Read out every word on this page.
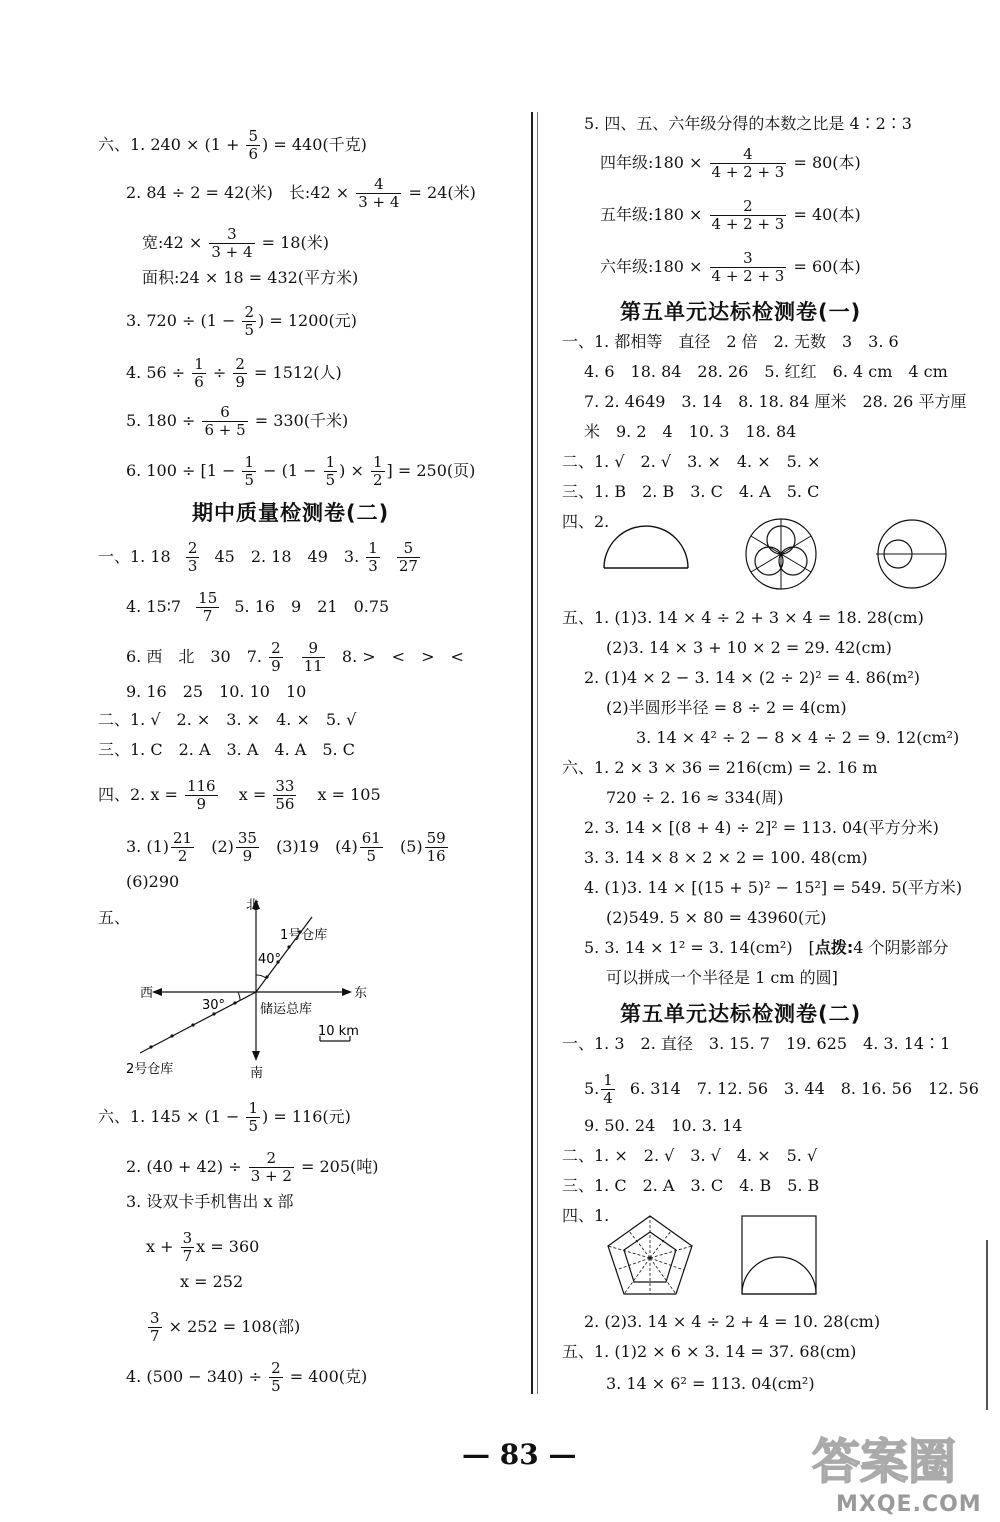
六、1. $240 \times (1 + \frac{5}{6}$ ) = 440(千克)
2. 84 ÷ 2 = 42(米)　长:42 × $\frac{4}{3 + 4} = 24$(米)
宽:42 × $\frac{3}{3 + 4} = 18$(米)
面积:24 × 18 = 432(平方米)
3. $720 \div (1 - \frac{2}{5}$ ) = 1200(元)
4. $56 \div \frac{1}{6} \div \frac{2}{9} = 1512$(人)
5. $180 \div \frac{6}{6 + 5} = 330$(千米)
6. $100 \div [1 - \frac{1}{5} - (1 - \frac{1}{5}$ ) × $\frac{1}{2}$ ] = 250(页)
期中质量检测卷(二)
一、1. $18 \frac{2}{3} 45$　2. 18　49　3. $\frac{1}{3}$
$\frac{5}{27}$
4. 15∶7 $\frac{15}{7} 5$. 16　9　21　0.75
6. 西　北　30　7. $\frac{2}{9}$
$\frac{9}{11} 8$. >　<　>　<
9. 16　25　10. 10　10
二、1. √　2. ×　3. ×　4. ×　5. √
三、1. C　2. A　3. A　4. A　5. C
四、2. $x = \frac{116}{9}$ $x = \frac{33}{56}$ x = 105
3. $(1) \frac{21}{2} (2) \frac{35}{9} (3)19$　$(4) \frac{61}{5} (5) \frac{59}{16}$
(6)290
五、
北
南
东
西
1号仓库
2号仓库
储运总库
40°
30°
10 km
六、1. $145 \times (1 - \frac{1}{5}$ ) = 116(元)
2. $(40 + 42) \div \frac{2}{3 + 2} = 205$(吨)
3. 设双卡手机售出 x 部
$x + \frac{3}{7}$ x = 360
x = 252
$\frac{3}{7} \times 252 = 108$(部)
4. $(500 - 340) \div \frac{2}{5} = 400$(克)
5. 四、五、六年级分得的本数之比是 4∶2∶3
四年级:180 × $\frac{4}{4 + 2 + 3} = 80$(本)
五年级:180 × $\frac{2}{4 + 2 + 3} = 40$(本)
六年级:180 × $\frac{3}{4 + 2 + 3} = 60$(本)
第五单元达标检测卷(一)
一、1. 都相等　直径　2 倍　2. 无数　3　3. 6
4. 6　18. 84　28. 26　5. 红红　6. 4 cm　4 cm
7. 2. 4649　3. 14　8. 18. 84 厘米　28. 26 平方厘
米　9. 2　4　10. 3　18. 84
二、1. √　2. √　3. ×　4. ×　5. ×
三、1. B　2. B　3. C　4. A　5. C
四、2.
五、1. (1)3. 14 × 4 ÷ 2 + 3 × 4 = 18. 28(cm)
(2)3. 14 × 3 + 10 × 2 = 29. 42(cm)
2. (1)4 × 2 − 3. 14 × (2 ÷ 2)² = 4. 86(m²)
(2)半圆形半径 = 8 ÷ 2 = 4(cm)
3. 14 × 4² ÷ 2 − 8 × 4 ÷ 2 = 9. 12(cm²)
六、1. 2 × 3 × 36 = 216(cm) = 2. 16 m
720 ÷ 2. 16 ≈ 334(周)
2. 3. 14 × [(8 + 4) ÷ 2]² = 113. 04(平方分米)
3. 3. 14 × 8 × 2 × 2 = 100. 48(cm)
4. (1)3. 14 × [(15 + 5)² − 15²] = 549. 5(平方米)
(2)549. 5 × 80 = 43960(元)
5. 3. 14 × 1² = 3. 14(cm²)　[点拨:4 个阴影部分
可以拼成一个半径是 1 cm 的圆]
第五单元达标检测卷(二)
一、1. 3　2. 直径　3. 15. 7　19. 625　4. 3. 14∶1
5. $\frac{1}{4} 6$. 314　7. 12. 56　3. 44　8. 16. 56　12. 56
9. 50. 24　10. 3. 14
二、1. ×　2. √　3. √　4. ×　5. √
三、1. C　2. A　3. C　4. B　5. B
四、1.
2. (2)3. 14 × 4 ÷ 2 + 4 = 10. 28(cm)
五、1. (1)2 × 6 × 3. 14 = 37. 68(cm)
3. 14 × 6² = 113. 04(cm²)
— 83 —	答案圈
MXQE.COM
